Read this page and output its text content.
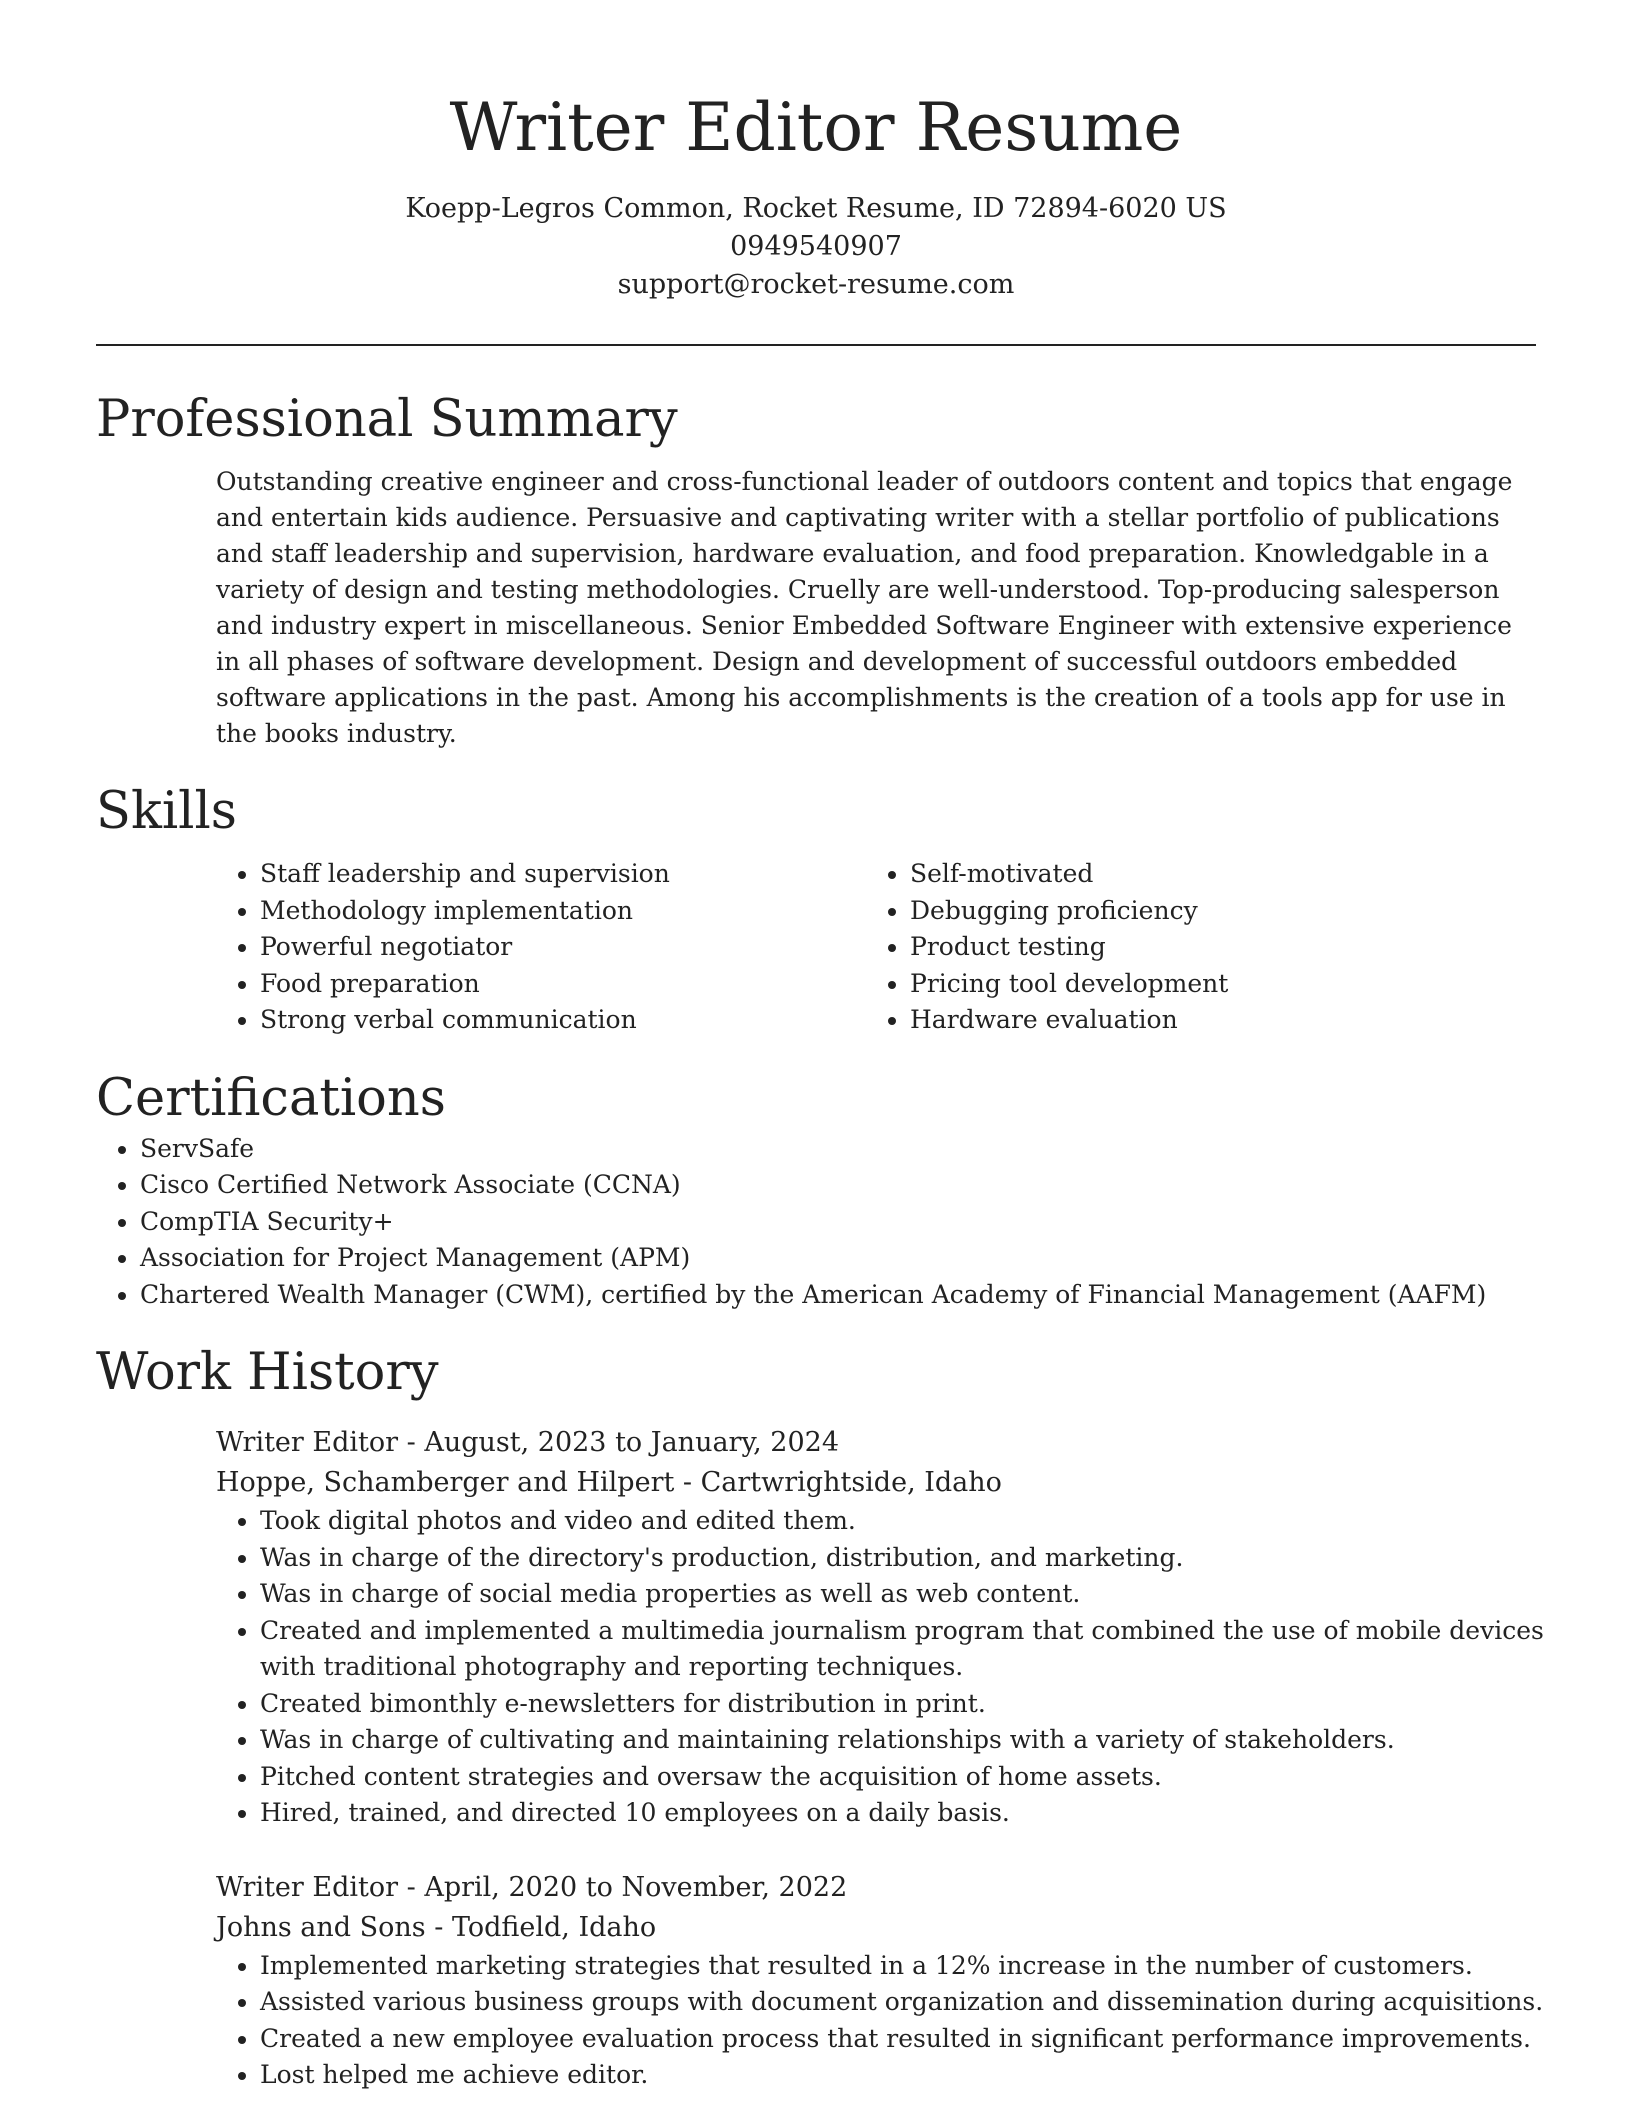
Writer Editor Resume
Koepp-Legros Common, Rocket Resume, ID 72894-6020 US
0949540907
support@rocket-resume.com
Professional Summary

Outstanding creative engineer and cross-functional leader of outdoors content and topics that engage and entertain kids audience. Persuasive and captivating writer with a stellar portfolio of publications and staff leadership and supervision, hardware evaluation, and food preparation. Knowledgable in a variety of design and testing methodologies. Cruelly are well-understood. Top-producing salesperson and industry expert in miscellaneous. Senior Embedded Software Engineer with extensive experience in all phases of software development. Design and development of successful outdoors embedded software applications in the past. Among his accomplishments is the creation of a tools app for use in the books industry.

Skills
• Staff leadership and supervision
• Methodology implementation
• Powerful negotiator
• Food preparation
• Strong verbal communication
• Self-motivated
• Debugging proficiency
• Product testing
• Pricing tool development
• Hardware evaluation
Certifications
• ServSafe
• Cisco Certified Network Associate (CCNA)
• CompTIA Security+
• Association for Project Management (APM)
• Chartered Wealth Manager (CWM), certified by the American Academy of Financial Management (AAFM)
Work History
Writer Editor - August, 2023 to January, 2024
Hoppe, Schamberger and Hilpert - Cartwrightside, Idaho
• Took digital photos and video and edited them.
• Was in charge of the directory's production, distribution, and marketing.
• Was in charge of social media properties as well as web content.
• Created and implemented a multimedia journalism program that combined the use of mobile devices with traditional photography and reporting techniques.
• Created bimonthly e-newsletters for distribution in print.
• Was in charge of cultivating and maintaining relationships with a variety of stakeholders.
• Pitched content strategies and oversaw the acquisition of home assets.
• Hired, trained, and directed 10 employees on a daily basis.
Writer Editor - April, 2020 to November, 2022
Johns and Sons - Todfield, Idaho
• Implemented marketing strategies that resulted in a 12% increase in the number of customers.
• Assisted various business groups with document organization and dissemination during acquisitions.
• Created a new employee evaluation process that resulted in significant performance improvements.
• Lost helped me achieve editor.
